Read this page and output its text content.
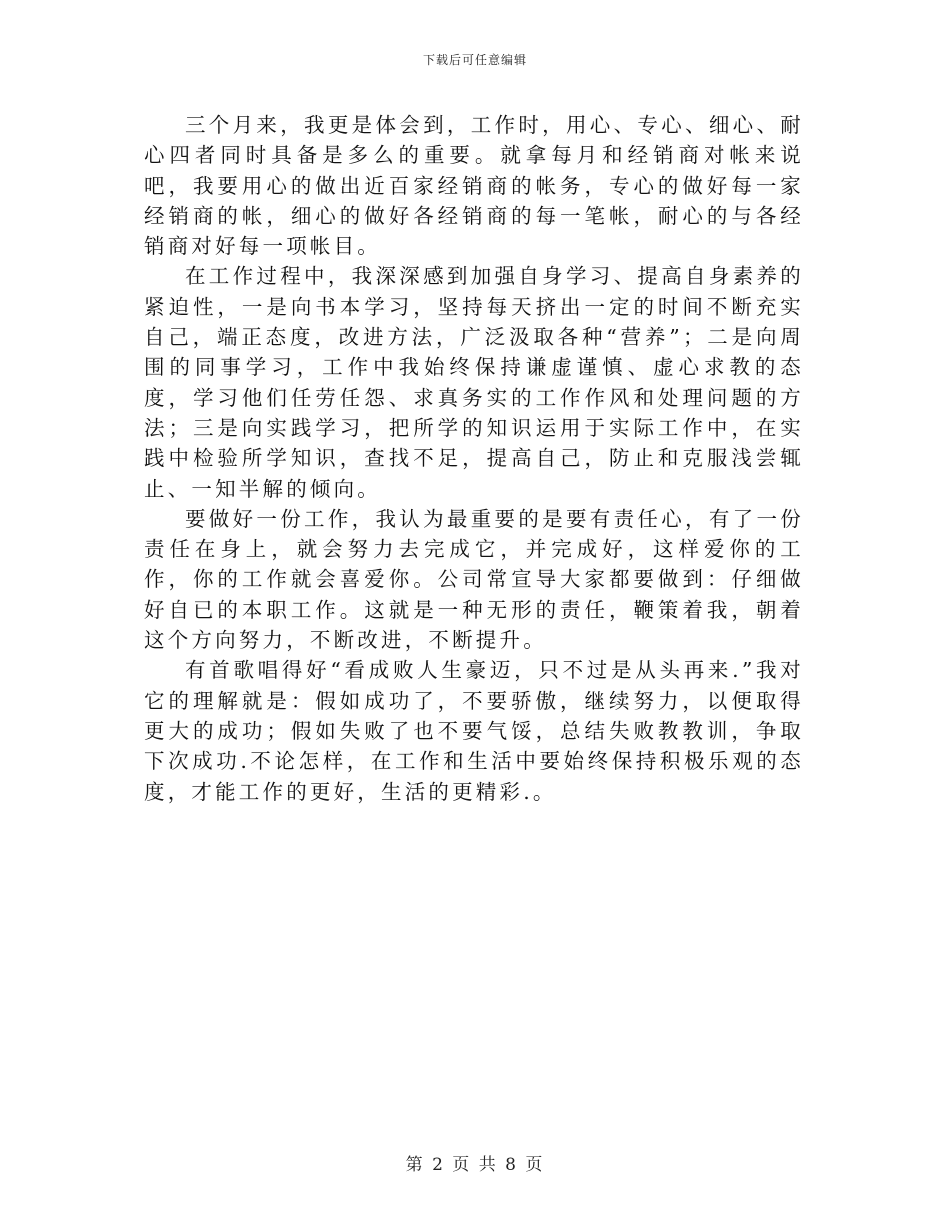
下载后可任意编辑

三个月来，我更是体会到，工作时，用心、专心、细心、耐心四者同时具备是多么的重要。就拿每月和经销商对帐来说吧，我要用心的做出近百家经销商的帐务，专心的做好每一家经销商的帐，细心的做好各经销商的每一笔帐，耐心的与各经销商对好每一项帐目。

在工作过程中，我深深感到加强自身学习、提高自身素养的紧迫性，一是向书本学习，坚持每天挤出一定的时间不断充实自己，端正态度，改进方法，广泛汲取各种“营养”；二是向周围的同事学习，工作中我始终保持谦虚谨慎、虚心求教的态度，学习他们任劳任怨、求真务实的工作作风和处理问题的方法；三是向实践学习，把所学的知识运用于实际工作中，在实践中检验所学知识，查找不足，提高自己，防止和克服浅尝辄止、一知半解的倾向。

要做好一份工作，我认为最重要的是要有责任心，有了一份责任在身上，就会努力去完成它，并完成好，这样爱你的工作，你的工作就会喜爱你。公司常宣导大家都要做到：仔细做好自已的本职工作。这就是一种无形的责任，鞭策着我，朝着这个方向努力，不断改进，不断提升。

有首歌唱得好“看成败人生豪迈，只不过是从头再来.”我对它的理解就是：假如成功了，不要骄傲，继续努力，以便取得更大的成功；假如失败了也不要气馁，总结失败教教训，争取下次成功.不论怎样，在工作和生活中要始终保持积极乐观的态度，才能工作的更好，生活的更精彩.。

第 2 页 共 8 页
